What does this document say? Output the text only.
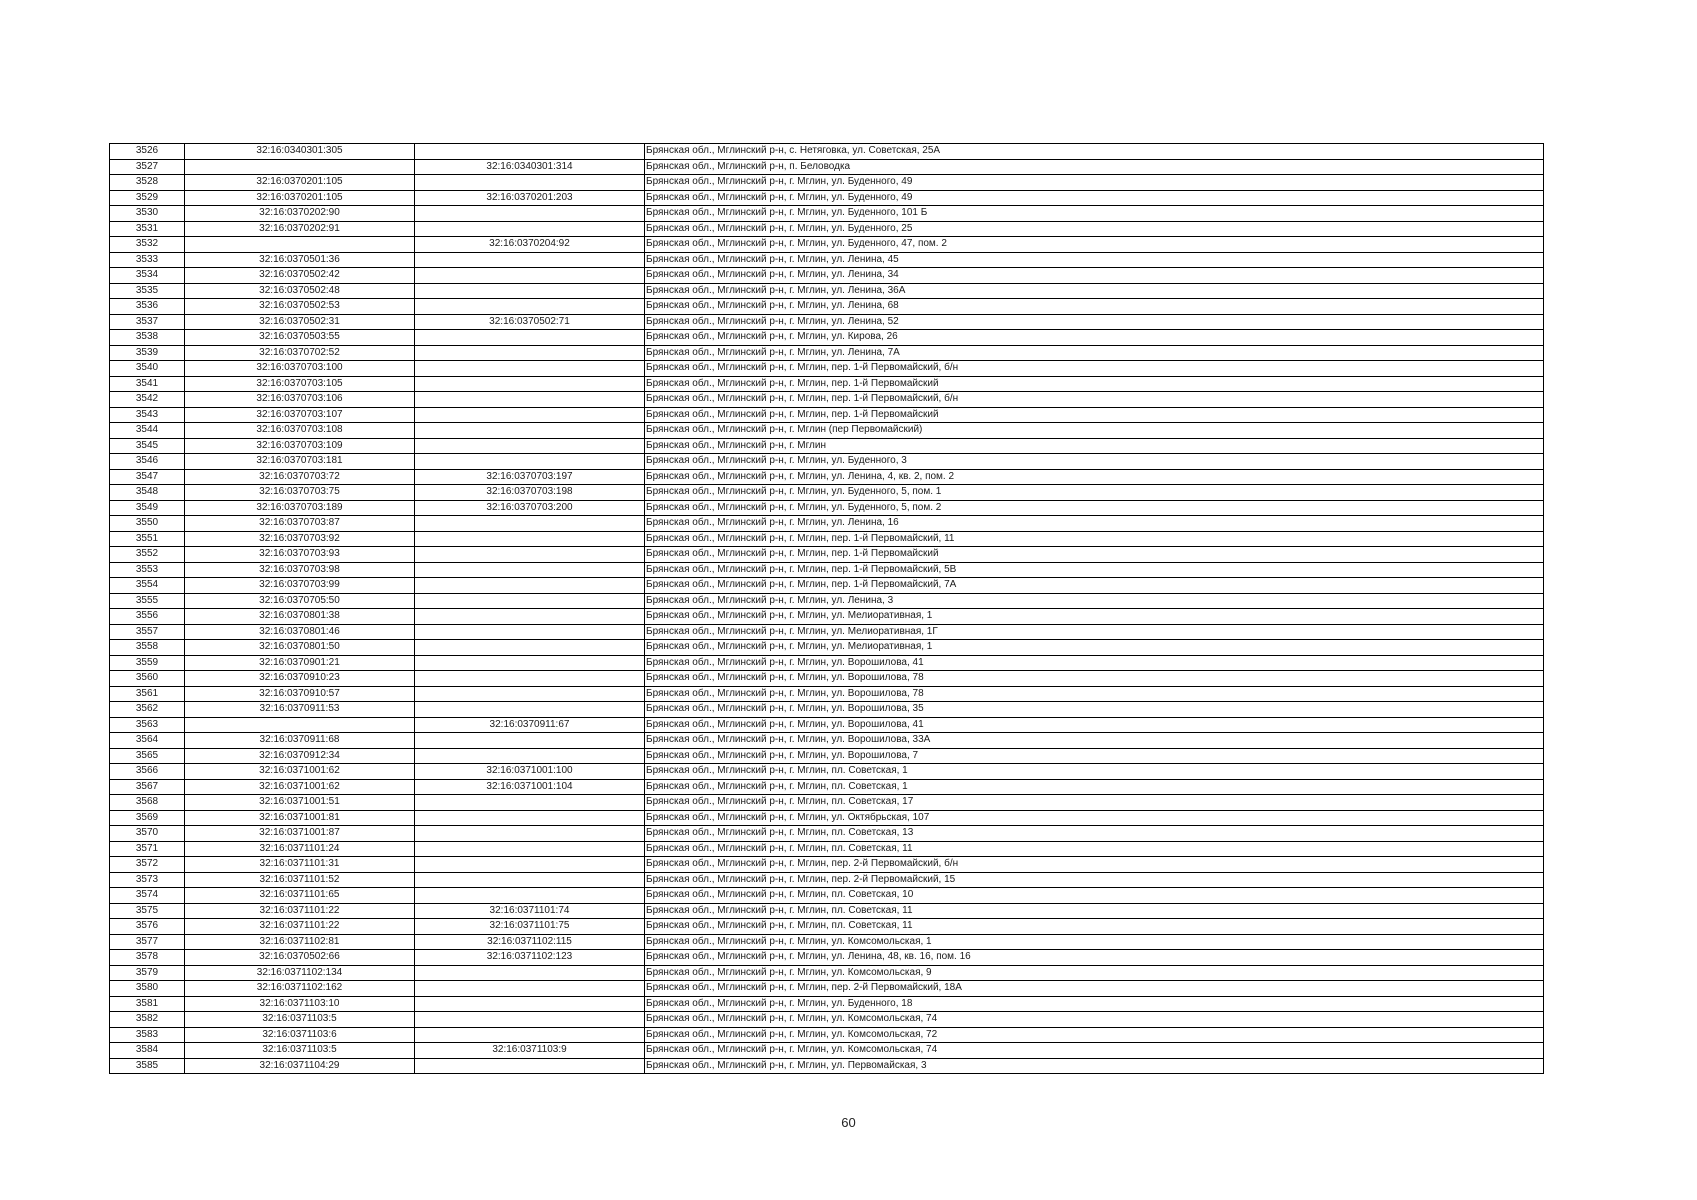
3526	32:16:0340301:305		Брянская обл., Мглинский р-н, с. Нетяговка, ул. Советская, 25А
3527		32:16:0340301:314	Брянская обл., Мглинский р-н, п. Беловодка
3528	32:16:0370201:105		Брянская обл., Мглинский р-н, г. Мглин, ул. Буденного, 49
3529	32:16:0370201:105	32:16:0370201:203	Брянская обл., Мглинский р-н, г. Мглин, ул. Буденного, 49
3530	32:16:0370202:90		Брянская обл., Мглинский р-н, г. Мглин, ул. Буденного, 101 Б
3531	32:16:0370202:91		Брянская обл., Мглинский р-н, г. Мглин, ул. Буденного, 25
3532		32:16:0370204:92	Брянская обл., Мглинский р-н, г. Мглин, ул. Буденного, 47, пом. 2
3533	32:16:0370501:36		Брянская обл., Мглинский р-н, г. Мглин, ул. Ленина, 45
3534	32:16:0370502:42		Брянская обл., Мглинский р-н, г. Мглин, ул. Ленина, 34
3535	32:16:0370502:48		Брянская обл., Мглинский р-н, г. Мглин, ул. Ленина, 36А
3536	32:16:0370502:53		Брянская обл., Мглинский р-н, г. Мглин, ул. Ленина, 68
3537	32:16:0370502:31	32:16:0370502:71	Брянская обл., Мглинский р-н, г. Мглин, ул. Ленина, 52
3538	32:16:0370503:55		Брянская обл., Мглинский р-н, г. Мглин, ул. Кирова, 26
3539	32:16:0370702:52		Брянская обл., Мглинский р-н, г. Мглин, ул. Ленина, 7А
3540	32:16:0370703:100		Брянская обл., Мглинский р-н, г. Мглин, пер. 1-й Первомайский, б/н
3541	32:16:0370703:105		Брянская обл., Мглинский р-н, г. Мглин, пер. 1-й Первомайский
3542	32:16:0370703:106		Брянская обл., Мглинский р-н, г. Мглин, пер. 1-й Первомайский, б/н
3543	32:16:0370703:107		Брянская обл., Мглинский р-н, г. Мглин, пер. 1-й Первомайский
3544	32:16:0370703:108		Брянская обл., Мглинский р-н, г. Мглин (пер Первомайский)
3545	32:16:0370703:109		Брянская обл., Мглинский р-н, г. Мглин
3546	32:16:0370703:181		Брянская обл., Мглинский р-н, г. Мглин, ул. Буденного, 3
3547	32:16:0370703:72	32:16:0370703:197	Брянская обл., Мглинский р-н, г. Мглин, ул. Ленина, 4, кв. 2, пом. 2
3548	32:16:0370703:75	32:16:0370703:198	Брянская обл., Мглинский р-н, г. Мглин, ул. Буденного, 5, пом. 1
3549	32:16:0370703:189	32:16:0370703:200	Брянская обл., Мглинский р-н, г. Мглин, ул. Буденного, 5, пом. 2
3550	32:16:0370703:87		Брянская обл., Мглинский р-н, г. Мглин, ул. Ленина, 16
3551	32:16:0370703:92		Брянская обл., Мглинский р-н, г. Мглин, пер. 1-й Первомайский, 11
3552	32:16:0370703:93		Брянская обл., Мглинский р-н, г. Мглин, пер. 1-й Первомайский
3553	32:16:0370703:98		Брянская обл., Мглинский р-н, г. Мглин, пер. 1-й Первомайский, 5В
3554	32:16:0370703:99		Брянская обл., Мглинский р-н, г. Мглин, пер. 1-й Первомайский, 7А
3555	32:16:0370705:50		Брянская обл., Мглинский р-н, г. Мглин, ул. Ленина, 3
3556	32:16:0370801:38		Брянская обл., Мглинский р-н, г. Мглин, ул. Мелиоративная, 1
3557	32:16:0370801:46		Брянская обл., Мглинский р-н, г. Мглин, ул. Мелиоративная, 1Г
3558	32:16:0370801:50		Брянская обл., Мглинский р-н, г. Мглин, ул. Мелиоративная, 1
3559	32:16:0370901:21		Брянская обл., Мглинский р-н, г. Мглин, ул. Ворошилова, 41
3560	32:16:0370910:23		Брянская обл., Мглинский р-н, г. Мглин, ул. Ворошилова, 78
3561	32:16:0370910:57		Брянская обл., Мглинский р-н, г. Мглин, ул. Ворошилова, 78
3562	32:16:0370911:53		Брянская обл., Мглинский р-н, г. Мглин, ул. Ворошилова, 35
3563		32:16:0370911:67	Брянская обл., Мглинский р-н, г. Мглин, ул. Ворошилова, 41
3564	32:16:0370911:68		Брянская обл., Мглинский р-н, г. Мглин, ул. Ворошилова, 33А
3565	32:16:0370912:34		Брянская обл., Мглинский р-н, г. Мглин, ул. Ворошилова, 7
3566	32:16:0371001:62	32:16:0371001:100	Брянская обл., Мглинский р-н, г. Мглин, пл. Советская, 1
3567	32:16:0371001:62	32:16:0371001:104	Брянская обл., Мглинский р-н, г. Мглин, пл. Советская, 1
3568	32:16:0371001:51		Брянская обл., Мглинский р-н, г. Мглин, пл. Советская, 17
3569	32:16:0371001:81		Брянская обл., Мглинский р-н, г. Мглин, ул. Октябрьская, 107
3570	32:16:0371001:87		Брянская обл., Мглинский р-н, г. Мглин, пл. Советская, 13
3571	32:16:0371101:24		Брянская обл., Мглинский р-н, г. Мглин, пл. Советская, 11
3572	32:16:0371101:31		Брянская обл., Мглинский р-н, г. Мглин, пер. 2-й Первомайский, б/н
3573	32:16:0371101:52		Брянская обл., Мглинский р-н, г. Мглин, пер. 2-й Первомайский, 15
3574	32:16:0371101:65		Брянская обл., Мглинский р-н, г. Мглин, пл. Советская, 10
3575	32:16:0371101:22	32:16:0371101:74	Брянская обл., Мглинский р-н, г. Мглин, пл. Советская, 11
3576	32:16:0371101:22	32:16:0371101:75	Брянская обл., Мглинский р-н, г. Мглин, пл. Советская, 11
3577	32:16:0371102:81	32:16:0371102:115	Брянская обл., Мглинский р-н, г. Мглин, ул. Комсомольская, 1
3578	32:16:0370502:66	32:16:0371102:123	Брянская обл., Мглинский р-н, г. Мглин, ул. Ленина, 48, кв. 16, пом. 16
3579	32:16:0371102:134		Брянская обл., Мглинский р-н, г. Мглин, ул. Комсомольская, 9
3580	32:16:0371102:162		Брянская обл., Мглинский р-н, г. Мглин, пер. 2-й Первомайский, 18А
3581	32:16:0371103:10		Брянская обл., Мглинский р-н, г. Мглин, ул. Буденного, 18
3582	32:16:0371103:5		Брянская обл., Мглинский р-н, г. Мглин, ул. Комсомольская, 74
3583	32:16:0371103:6		Брянская обл., Мглинский р-н, г. Мглин, ул. Комсомольская, 72
3584	32:16:0371103:5	32:16:0371103:9	Брянская обл., Мглинский р-н, г. Мглин, ул. Комсомольская, 74
3585	32:16:0371104:29		Брянская обл., Мглинский р-н, г. Мглин, ул. Первомайская, 3
60
